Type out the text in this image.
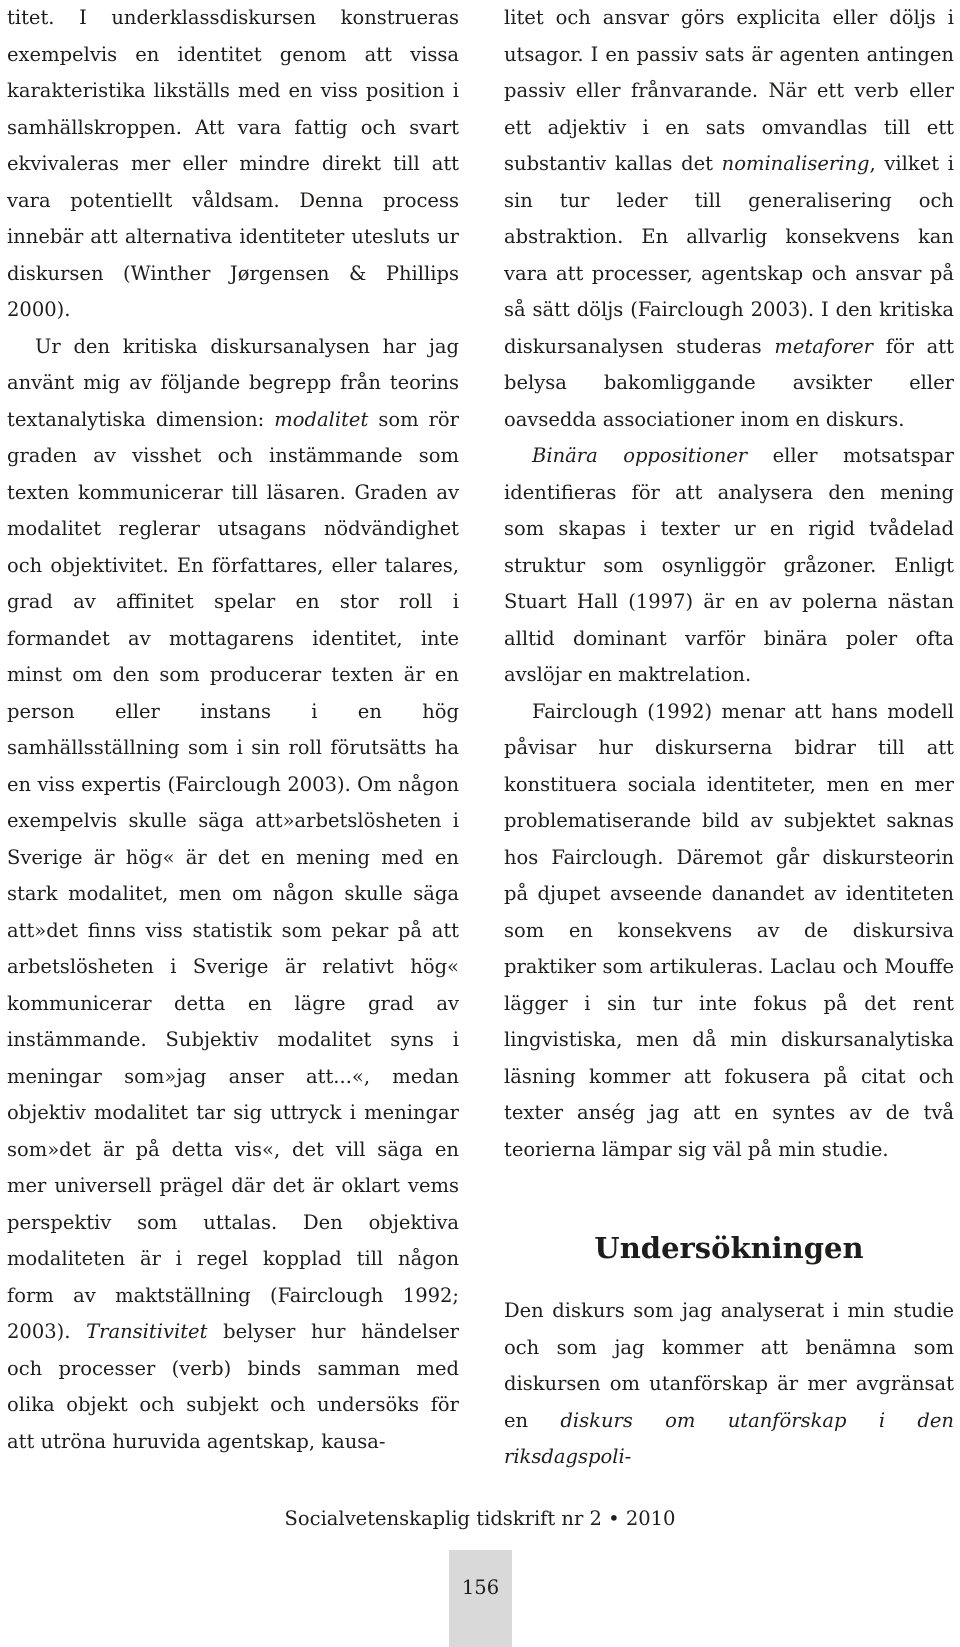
titet. I underklassdiskursen konstrueras exempelvis en identitet genom att vissa karakteristika likställs med en viss position i samhällskroppen. Att vara fattig och svart ekvivaleras mer eller mindre direkt till att vara potentiellt våldsam. Denna process innebär att alternativa identiteter utesluts ur diskursen (Winther Jørgensen & Phillips 2000).

Ur den kritiska diskursanalysen har jag använt mig av följande begrepp från teorins textanalytiska dimension: modalitet som rör graden av visshet och instämmande som texten kommunicerar till läsaren. Graden av modalitet reglerar utsagans nödvändighet och objektivitet. En författares, eller talares, grad av affinitet spelar en stor roll i formandet av mottagarens identitet, inte minst om den som producerar texten är en person eller instans i en hög samhällsställning som i sin roll förutsätts ha en viss expertis (Fairclough 2003). Om någon exempelvis skulle säga att»arbetslösheten i Sverige är hög« är det en mening med en stark modalitet, men om någon skulle säga att»det finns viss statistik som pekar på att arbetslösheten i Sverige är relativt hög« kommunicerar detta en lägre grad av instämmande. Subjektiv modalitet syns i meningar som»jag anser att...«, medan objektiv modalitet tar sig uttryck i meningar som»det är på detta vis«, det vill säga en mer universell prägel där det är oklart vems perspektiv som uttalas. Den objektiva modaliteten är i regel kopplad till någon form av maktställning (Fairclough 1992; 2003). Transitivitet belyser hur händelser och processer (verb) binds samman med olika objekt och subjekt och undersöks för att utröna huruvida agentskap, kausa-

litet och ansvar görs explicita eller döljs i utsagor. I en passiv sats är agenten antingen passiv eller frånvarande. När ett verb eller ett adjektiv i en sats omvandlas till ett substantiv kallas det nominalisering, vilket i sin tur leder till generalisering och abstraktion. En allvarlig konsekvens kan vara att processer, agentskap och ansvar på så sätt döljs (Fairclough 2003). I den kritiska diskursanalysen studeras metaforer för att belysa bakomliggande avsikter eller oavsedda associationer inom en diskurs.

Binära oppositioner eller motsatspar identifieras för att analysera den mening som skapas i texter ur en rigid tvådelad struktur som osynliggör gråzoner. Enligt Stuart Hall (1997) är en av polerna nästan alltid dominant varför binära poler ofta avslöjar en maktrelation.

Fairclough (1992) menar att hans modell påvisar hur diskurserna bidrar till att konstituera sociala identiteter, men en mer problematiserande bild av subjektet saknas hos Fairclough. Däremot går diskursteorin på djupet avseende danandet av identiteten som en konsekvens av de diskursiva praktiker som artikuleras. Laclau och Mouffe lägger i sin tur inte fokus på det rent lingvistiska, men då min diskursanalytiska läsning kommer att fokusera på citat och texter anség jag att en syntes av de två teorierna lämpar sig väl på min studie.

Undersökningen

Den diskurs som jag analyserat i min studie och som jag kommer att benämna som diskursen om utanförskap är mer avgränsat en diskurs om utanförskap i den riksdagspoli-

Socialvetenskaplig tidskrift nr 2 • 2010
156
